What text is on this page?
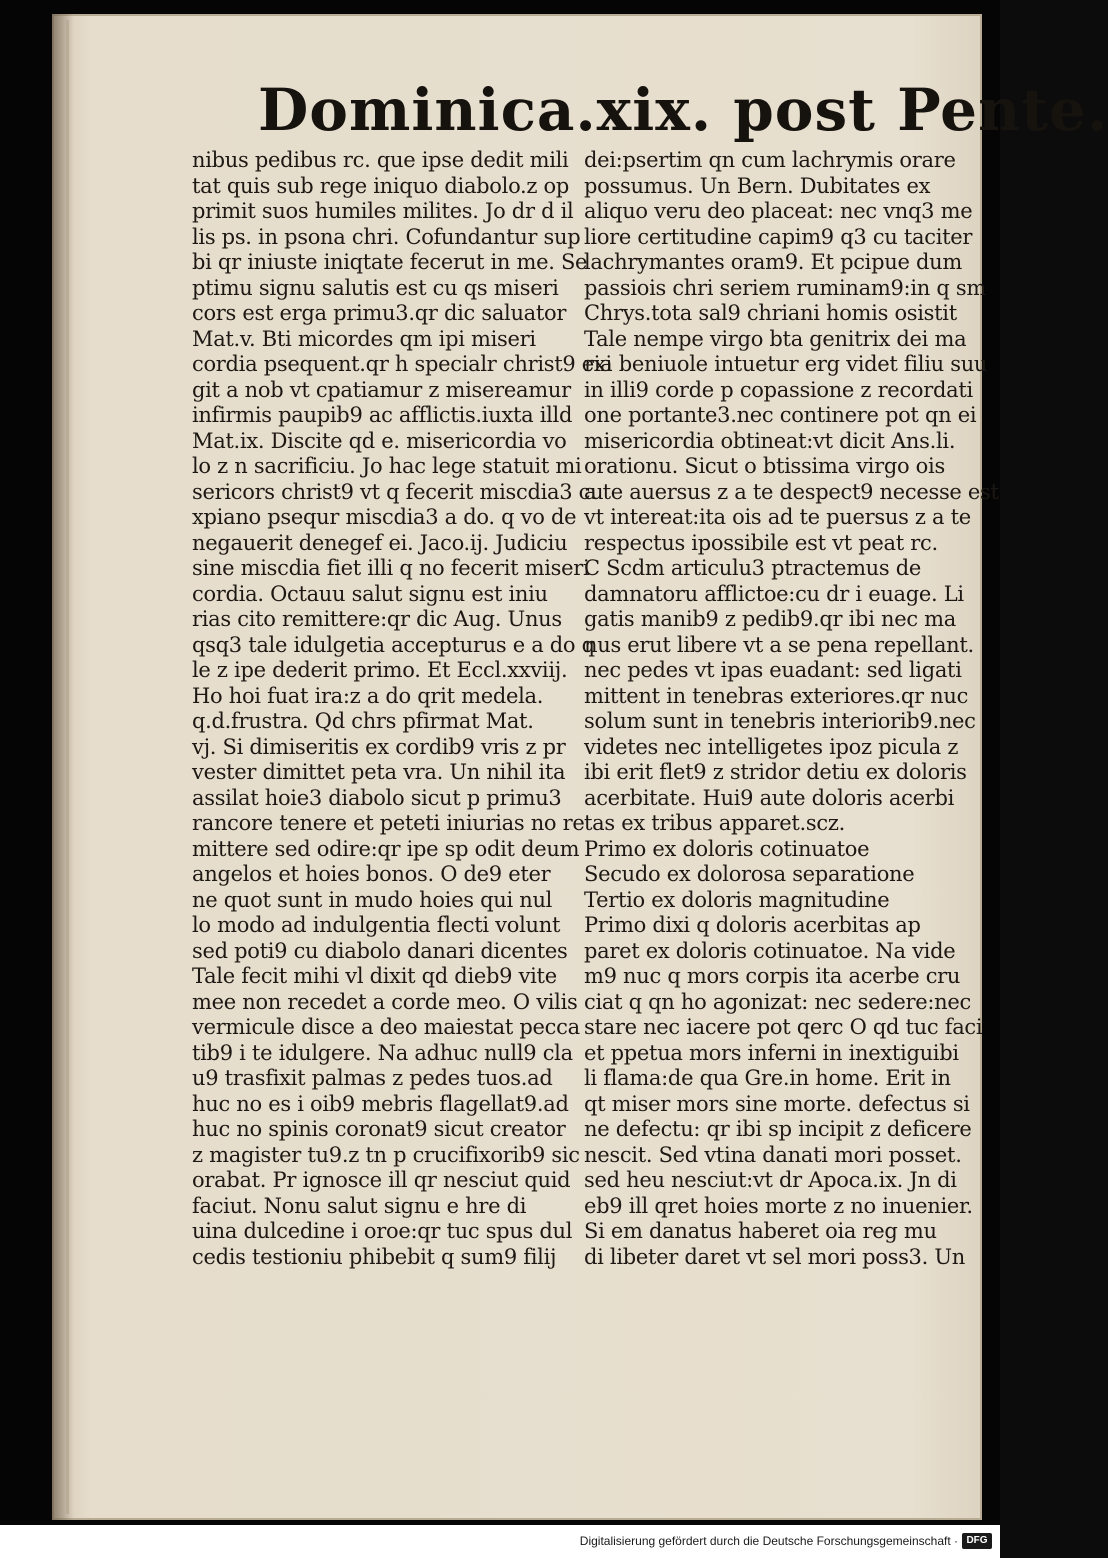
Dominica.xix. post Pente.
nibus pedibus rc. que ipse dedit mili
tat quis sub rege iniquo diabolo.z op
primit suos humiles milites. Jo dr d il
lis ps. in psona chri. Cofundantur sup
bi qr iniuste iniqtate fecerut in me. Se
ptimu signu salutis est cu qs miseri
cors est erga primu3.qr dic saluator
Mat.v. Bti micordes qm ipi miseri
cordia psequent.qr h specialr christ9 exi
git a nob vt cpatiamur z misereamur
infirmis paupib9 ac afflictis.iuxta illd
Mat.ix. Discite qd e. misericordia vo
lo z n sacrificiu. Jo hac lege statuit mi
sericors christ9 vt q fecerit miscdia3 cu
xpiano psequr miscdia3 a do. q vo de
negauerit denegef ei. Jaco.ij. Judiciu
sine miscdia fiet illi q no fecerit miseri
cordia. Octauu salut signu est iniu
rias cito remittere:qr dic Aug. Unus
qsq3 tale idulgetia accepturus e a do q
le z ipe dederit primo. Et Eccl.xxviij.
Ho hoi fuat ira:z a do qrit medela.
q.d.frustra. Qd chrs pfirmat Mat.
vj. Si dimiseritis ex cordib9 vris z pr
vester dimittet peta vra. Un nihil ita
assilat hoie3 diabolo sicut p primu3
rancore tenere et peteti iniurias no re
mittere sed odire:qr ipe sp odit deum
angelos et hoies bonos. O de9 eter
ne quot sunt in mudo hoies qui nul
lo modo ad indulgentia flecti volunt
sed poti9 cu diabolo danari dicentes
Tale fecit mihi vl dixit qd dieb9 vite
mee non recedet a corde meo. O vilis
vermicule disce a deo maiestat pecca
tib9 i te idulgere. Na adhuc null9 cla
u9 trasfixit palmas z pedes tuos.ad
huc no es i oib9 mebris flagellat9.ad
huc no spinis coronat9 sicut creator
z magister tu9.z tn p crucifixorib9 sic
orabat. Pr ignosce ill qr nesciut quid
faciut. Nonu salut signu e hre di
uina dulcedine i oroe:qr tuc spus dul
cedis testioniu phibebit q sum9 filij
dei:psertim qn cum lachrymis orare
possumus. Un Bern. Dubitates ex
aliquo veru deo placeat: nec vnq3 me
liore certitudine capim9 q3 cu taciter
lachrymantes oram9. Et pcipue dum
passiois chri seriem ruminam9:in q sm
Chrys.tota sal9 chriani homis osistit
Tale nempe virgo bta genitrix dei ma
ria beniuole intuetur erg videt filiu suu
in illi9 corde p copassione z recordati
one portante3.nec continere pot qn ei
misericordia obtineat:vt dicit Ans.li.
orationu. Sicut o btissima virgo ois
a te auersus z a te despect9 necesse est
vt intereat:ita ois ad te puersus z a te
respectus ipossibile est vt peat rc.
C Scdm articulu3 ptractemus de
damnatoru afflictoe:cu dr i euage. Li
gatis manib9 z pedib9.qr ibi nec ma
nus erut libere vt a se pena repellant.
nec pedes vt ipas euadant: sed ligati
mittent in tenebras exteriores.qr nuc
solum sunt in tenebris interiorib9.nec
videtes nec intelligetes ipoz picula z
ibi erit flet9 z stridor detiu ex doloris
acerbitate. Hui9 aute doloris acerbi
tas ex tribus apparet.scz.
Primo ex doloris cotinuatoe
Secudo ex dolorosa separatione
Tertio ex doloris magnitudine
Primo dixi q doloris acerbitas ap
paret ex doloris cotinuatoe. Na vide
m9 nuc q mors corpis ita acerbe cru
ciat q qn ho agonizat: nec sedere:nec
stare nec iacere pot qerc O qd tuc faci
et ppetua mors inferni in inextiguibi
li flama:de qua Gre.in home. Erit in
qt miser mors sine morte. defectus si
ne defectu: qr ibi sp incipit z deficere
nescit. Sed vtina danati mori posset.
sed heu nesciut:vt dr Apoca.ix. Jn di
eb9 ill qret hoies morte z no inuenier.
Si em danatus haberet oia reg mu
di libeter daret vt sel mori poss3. Un
Digitalisierung gefördert durch die Deutsche Forschungsgemeinschaft · DFG
